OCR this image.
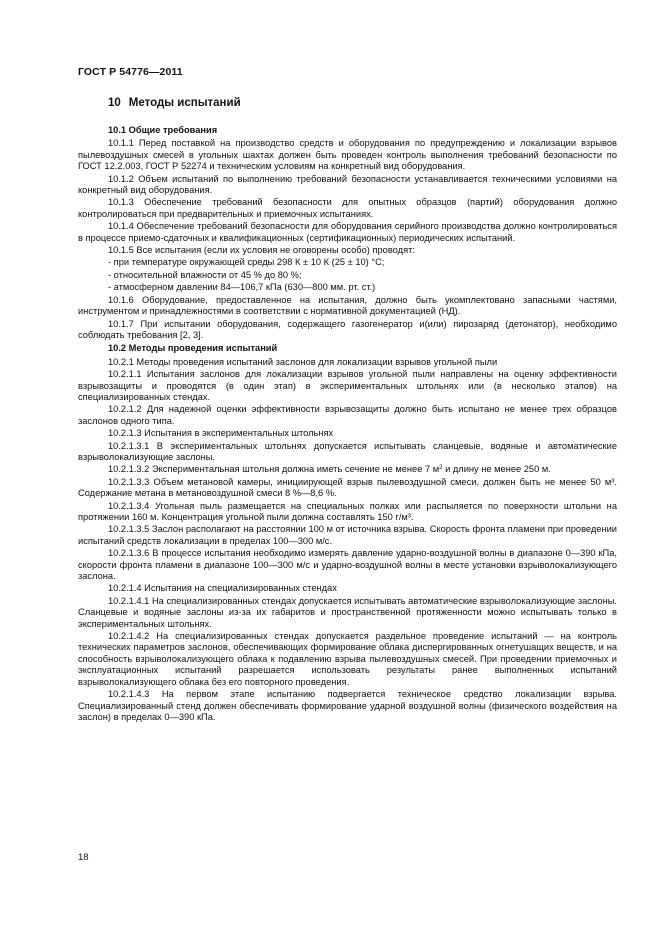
ГОСТ Р 54776—2011
10 Методы испытаний

10.1 Общие требования

10.1.1 Перед поставкой на производство средств и оборудования по предупреждению и локализации взрывов пылевоздушных смесей в угольных шахтах должен быть проведен контроль выполнения требований безопасности по ГОСТ 12.2.003, ГОСТ Р 52274 и техническим условиям на конкретный вид оборудования.

10.1.2 Объем испытаний по выполнению требований безопасности устанавливается техническими условиями на конкретный вид оборудования.

10.1.3 Обеспечение требований безопасности для опытных образцов (партий) оборудования должно контролироваться при предварительных и приемочных испытаниях.

10.1.4 Обеспечение требований безопасности для оборудования серийного производства должно контролироваться в процессе приемо-сдаточных и квалификационных (сертификационных) периодических испытаний.

10.1.5 Все испытания (если их условия не оговорены особо) проводят:

- при температуре окружающей среды 298 К ± 10 К (25 ± 10) °С;

- относительной влажности от 45 % до 80 %;

- атмосферном давлении 84—106,7 кПа (630—800 мм. рт. ст.)

10.1.6 Оборудование, предоставленное на испытания, должно быть укомплектовано запасными частями, инструментом и принадлежностями в соответствии с нормативной документацией (НД).

10.1.7 При испытании оборудования, содержащего газогенератор и(или) пирозаряд (детонатор), необходимо соблюдать требования [2, 3].

10.2 Методы проведения испытаний

10.2.1 Методы проведения испытаний заслонов для локализации взрывов угольной пыли

10.2.1.1 Испытания заслонов для локализации взрывов угольной пыли направлены на оценку эффективности взрывозащиты и проводятся (в один этап) в экспериментальных штольнях или (в несколько этапов) на специализированных стендах.

10.2.1.2 Для надежной оценки эффективности взрывозащиты должно быть испытано не менее трех образцов заслонов одного типа.

10.2.1.3 Испытания в экспериментальных штольнях

10.2.1.3.1 В экспериментальных штольнях допускается испытывать сланцевые, водяные и автоматические взрыволокализующие заслоны.

10.2.1.3.2 Экспериментальная штольня должна иметь сечение не менее 7 $м^2$ и длину не менее 250 м.

10.2.1.3.3 Объем метановой камеры, инициирующей взрыв пылевоздушной смеси, должен быть не менее 50 м³. Содержание метана в метановоздушной смеси 8 %—8,6 %.

10.2.1.3.4 Угольная пыль размещается на специальных полках или распыляется по поверхности штольни на протяжении 160 м. Концентрация угольной пыли должна составлять 150 г/м³.

10.2.1.3.5 Заслон располагают на расстоянии 100 м от источника взрыва. Скорость фронта пламени при проведении испытаний средств локализации в пределах 100—300 м/с.

10.2.1.3.6 В процессе испытания необходимо измерять давление ударно-воздушной волны в диапазоне 0—390 кПа, скорости фронта пламени в диапазоне 100—300 м/с и ударно-воздушной волны в месте установки взрыволокализующего заслона.

10.2.1.4 Испытания на специализированных стендах

10.2.1.4.1 На специализированных стендах допускается испытывать автоматические взрыволокализующие заслоны. Сланцевые и водяные заслоны из-за их габаритов и пространственной протяженности можно испытывать только в экспериментальных штольнях.

10.2.1.4.2 На специализированных стендах допускается раздельное проведение испытаний — на контроль технических параметров заслонов, обеспечивающих формирование облака диспергированных огнетушащих веществ, и на способность взрыволокализующего облака к подавлению взрыва пылевоздушных смесей. При проведении приемочных и эксплуатационных испытаний разрешается использовать результаты ранее выполненных испытаний взрыволокализующего облака без его повторного проведения.

10.2.1.4.3 На первом этапе испытанию подвергается техническое средство локализации взрыва. Специализированный стенд должен обеспечивать формирование ударной воздушной волны (физического воздействия на заслон) в пределах 0—390 кПа.

18
